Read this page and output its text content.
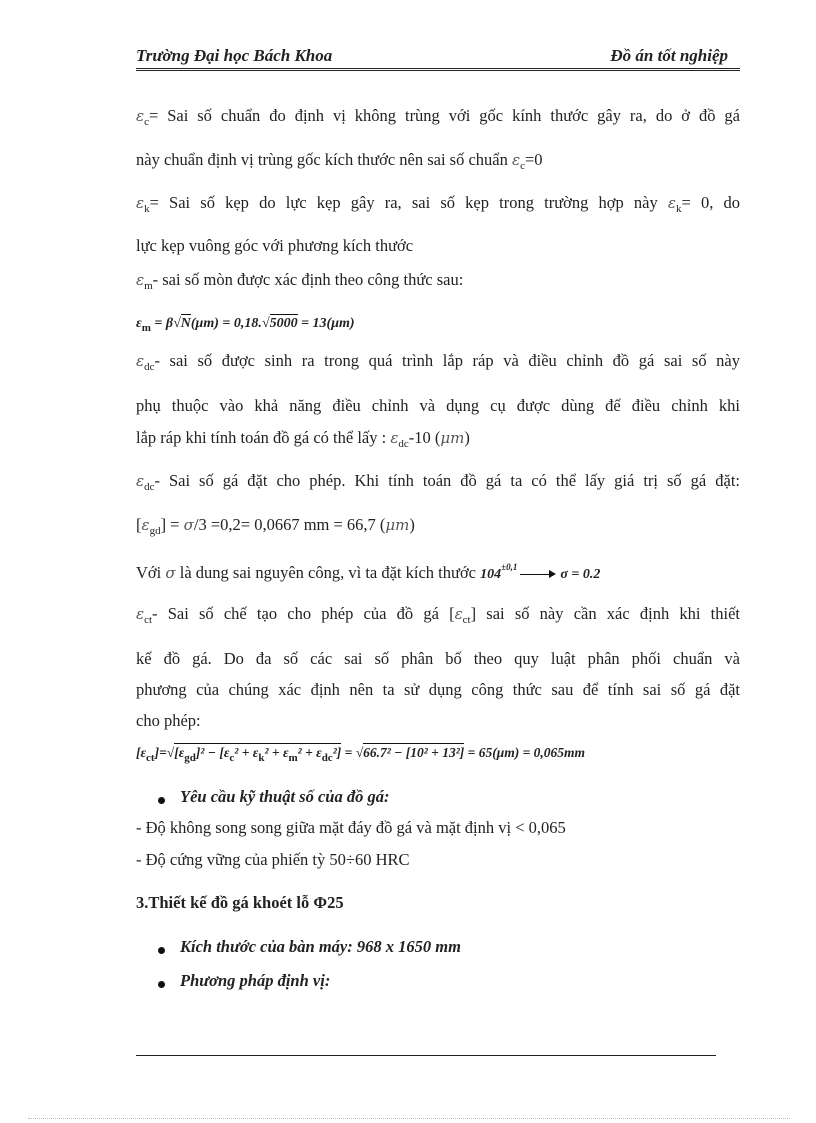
Trường Đại học Bách Khoa	Đồ án tốt nghiệp
$\varepsilon_c=$ Sai số chuẩn đo định vị không trùng với gốc kính thước gây ra, do ở đồ gá
này chuẩn định vị trùng gốc kích thước nên sai số chuẩn $\varepsilon_c=0$
$\varepsilon_k=$ Sai số kẹp do lực kẹp gây ra, sai số kẹp trong trường hợp này $\varepsilon_k= 0$, do
lực kẹp vuông góc với phương kích thước
$\varepsilon_m-$ sai số mòn được xác định theo công thức sau:
$\varepsilon_m = \beta√N(\mu m) = 0,18.√5000 = 13(\mu m)$
$\varepsilon_{dc}-$ sai số được sinh ra trong quá trình lắp ráp và điều chỉnh đồ gá sai số này
phụ thuộc vào khả năng điều chỉnh và dụng cụ được dùng để điều chỉnh khi
lắp ráp khi tính toán đồ gá có thể lấy : $\varepsilon_{dc}-10$ (μm)
$\varepsilon_{dc}-$ Sai số gá đặt cho phép. Khi tính toán đồ gá ta có thể lấy giá trị số gá đặt:
$[\varepsilon_{gd}] = \sigma/3 =0,2= 0,0667$ mm = 66,7 (μm)
Với σ là dung sai nguyên công, vì ta đặt kích thước $104^{\pm 0,1}$	σ = 0.2
$\varepsilon_{ct}-$ Sai số chế tạo cho phép của đồ gá $[\varepsilon_{ct}]$ sai số này cần xác định khi thiết
kế đồ gá. Do đa số các sai số phân bố theo quy luật phân phối chuẩn và
phương của chúng xác định nên ta sử dụng công thức sau để tính sai số gá đặt
cho phép:
$[\varepsilon_{ct}]=√[\varepsilon_{gd}]^2 - [\varepsilon_c^2 + \varepsilon_k^2 + \varepsilon_m^2 + \varepsilon_{dc}^2] = √66.7^2 - [10^2 + 13^2] = 65(\mu m) = 0,065mm$
Yêu cầu kỹ thuật số của đồ gá:
- Độ không song song giữa mặt đáy đồ gá và mặt định vị < 0,065
- Độ cứng vững của phiến tỳ 50÷60 HRC
3.Thiết kế đồ gá khoét lỗ Φ25
Kích thước của bàn máy: 968 x 1650 mm
Phương pháp định vị:
